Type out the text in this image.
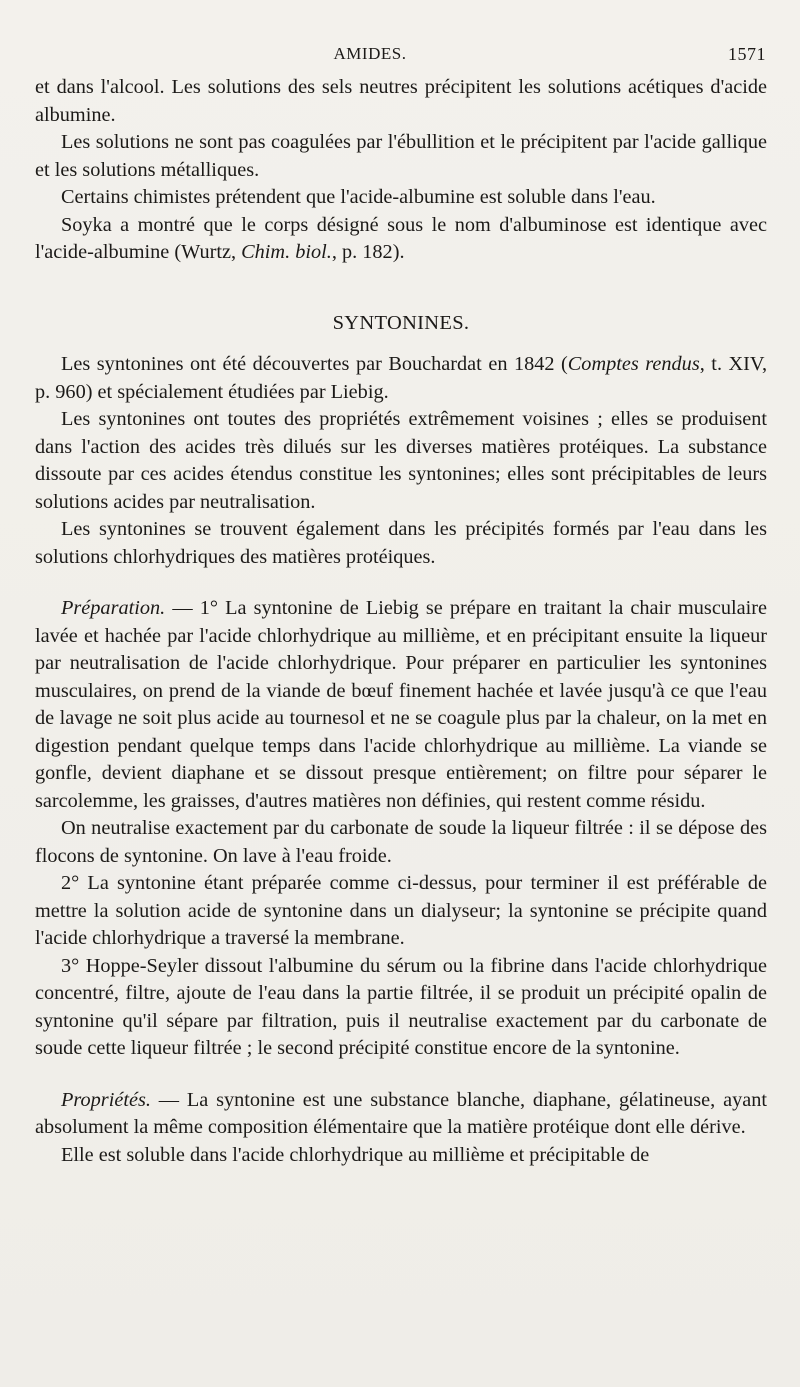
AMIDES.	1571

et dans l'alcool. Les solutions des sels neutres précipitent les solutions acétiques d'acide albumine.

Les solutions ne sont pas coagulées par l'ébullition et le précipitent par l'acide gallique et les solutions métalliques.

Certains chimistes prétendent que l'acide-albumine est soluble dans l'eau.

Soyka a montré que le corps désigné sous le nom d'albuminose est identique avec l'acide-albumine (Wurtz, Chim. biol., p. 182).

SYNTONINES.

Les syntonines ont été découvertes par Bouchardat en 1842 (Comptes rendus, t. XIV, p. 960) et spécialement étudiées par Liebig.

Les syntonines ont toutes des propriétés extrêmement voisines ; elles se produisent dans l'action des acides très dilués sur les diverses matières protéiques. La substance dissoute par ces acides étendus constitue les syntonines; elles sont précipitables de leurs solutions acides par neutralisation.

Les syntonines se trouvent également dans les précipités formés par l'eau dans les solutions chlorhydriques des matières protéiques.

Préparation. — 1° La syntonine de Liebig se prépare en traitant la chair musculaire lavée et hachée par l'acide chlorhydrique au millième, et en précipitant ensuite la liqueur par neutralisation de l'acide chlorhydrique. Pour préparer en particulier les syntonines musculaires, on prend de la viande de bœuf finement hachée et lavée jusqu'à ce que l'eau de lavage ne soit plus acide au tournesol et ne se coagule plus par la chaleur, on la met en digestion pendant quelque temps dans l'acide chlorhydrique au millième. La viande se gonfle, devient diaphane et se dissout presque entièrement; on filtre pour séparer le sarcolemme, les graisses, d'autres matières non définies, qui restent comme résidu.

On neutralise exactement par du carbonate de soude la liqueur filtrée : il se dépose des flocons de syntonine. On lave à l'eau froide.

2° La syntonine étant préparée comme ci-dessus, pour terminer il est préférable de mettre la solution acide de syntonine dans un dialyseur; la syntonine se précipite quand l'acide chlorhydrique a traversé la membrane.

3° Hoppe-Seyler dissout l'albumine du sérum ou la fibrine dans l'acide chlorhydrique concentré, filtre, ajoute de l'eau dans la partie filtrée, il se produit un précipité opalin de syntonine qu'il sépare par filtration, puis il neutralise exactement par du carbonate de soude cette liqueur filtrée ; le second précipité constitue encore de la syntonine.

Propriétés. — La syntonine est une substance blanche, diaphane, gélatineuse, ayant absolument la même composition élémentaire que la matière protéique dont elle dérive.

Elle est soluble dans l'acide chlorhydrique au millième et précipitable de
